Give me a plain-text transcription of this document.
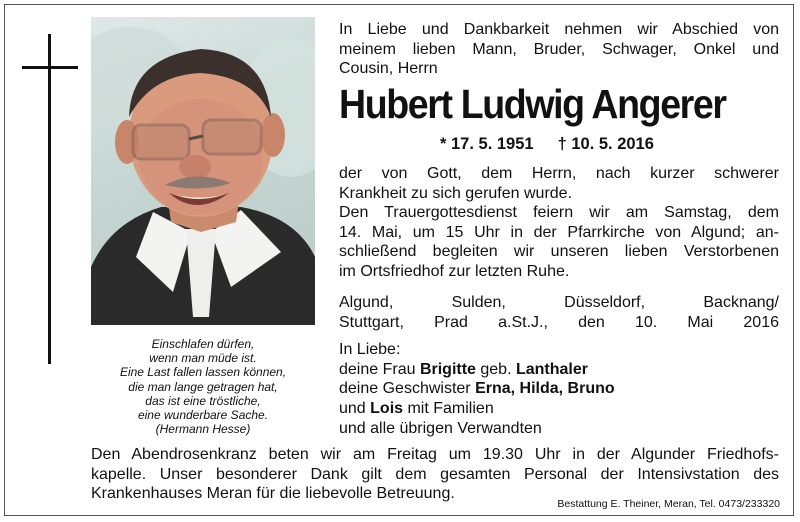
Einschlafen dürfen,
wenn man müde ist.
Eine Last fallen lassen können,
die man lange getragen hat,
das ist eine tröstliche,
eine wunderbare Sache.
(Hermann Hesse)
In Liebe und Dankbarkeit nehmen wir Abschied von
meinem lieben Mann, Bruder, Schwager, Onkel und
Cousin, Herrn
Hubert Ludwig Angerer
* 17. 5. 1951 † 10. 5. 2016
der von Gott, dem Herrn, nach kurzer schwerer
Krankheit zu sich gerufen wurde.
Den Trauergottesdienst feiern wir am Samstag, dem
14. Mai, um 15 Uhr in der Pfarrkirche von Algund; an-
schließend begleiten wir unseren lieben Verstorbenen
im Ortsfriedhof zur letzten Ruhe.
Algund, Sulden, Düsseldorf, Backnang/
Stuttgart, Prad a.St.J., den 10. Mai 2016
In Liebe:
deine Frau Brigitte geb. Lanthaler
deine Geschwister Erna, Hilda, Bruno
und Lois mit Familien
und alle übrigen Verwandten
Den Abendrosenkranz beten wir am Freitag um 19.30 Uhr in der Algunder Friedhofs-
kapelle. Unser besonderer Dank gilt dem gesamten Personal der Intensivstation des
Krankenhauses Meran für die liebevolle Betreuung.
Bestattung E. Theiner, Meran, Tel. 0473/233320
